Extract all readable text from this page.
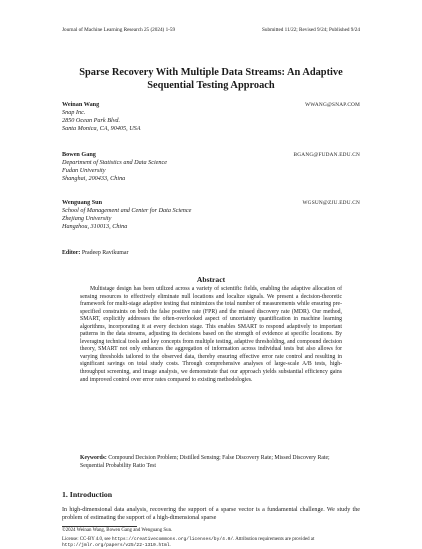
Journal of Machine Learning Research 25 (2024) 1-59	Submitted 11/22; Revised 9/24; Published 9/24
Sparse Recovery With Multiple Data Streams: An Adaptive
Sequential Testing Approach
Weinan Wang	WWANG@SNAP.COM
Snap Inc.
2850 Ocean Park Blvd.
Santa Monica, CA, 90405, USA
Bowen Gang	BGANG@FUDAN.EDU.CN
Department of Statistics and Data Science
Fudan University
Shanghai, 200433, China
Wenguang Sun	WGSUN@ZJU.EDU.CN
School of Management and Center for Data Science
Zhejiang University
Hangzhou, 310013, China
Editor: Pradeep Ravikumar
Abstract

Multistage design has been utilized across a variety of scientific fields, enabling the adaptive allocation of sensing resources to effectively eliminate null locations and localize signals. We present a decision-theoretic framework for multi-stage adaptive testing that minimizes the total number of measurements while ensuring pre-specified constraints on both the false positive rate (FPR) and the missed discovery rate (MDR). Our method, SMART, explicitly addresses the often-overlooked aspect of uncertainty quantification in machine learning algorithms, incorporating it at every decision stage. This enables SMART to respond adaptively to important patterns in the data streams, adjusting its decisions based on the strength of evidence at specific locations. By leveraging technical tools and key concepts from multiple testing, adaptive thresholding, and compound decision theory, SMART not only enhances the aggregation of information across individual tests but also allows for varying thresholds tailored to the observed data, thereby ensuring effective error rate control and resulting in significant savings on total study costs. Through comprehensive analyses of large-scale A/B tests, high-throughput screening, and image analysis, we demonstrate that our approach yields substantial efficiency gains and improved control over error rates compared to existing methodologies.

Keywords: Compound Decision Problem; Distilled Sensing; False Discovery Rate; Missed Discovery Rate; Sequential Probability Ratio Test

1. Introduction

In high-dimensional data analysis, recovering the support of a sparse vector is a fundamental challenge. We study the problem of estimating the support of a high-dimensional sparse

©2024 Weinan Wang, Bowen Gang and Wenguang Sun.
License: CC-BY 4.0, see https://creativecommons.org/licenses/by/4.0/. Attribution requirements are provided at http://jmlr.org/papers/v25/22-1310.html.
